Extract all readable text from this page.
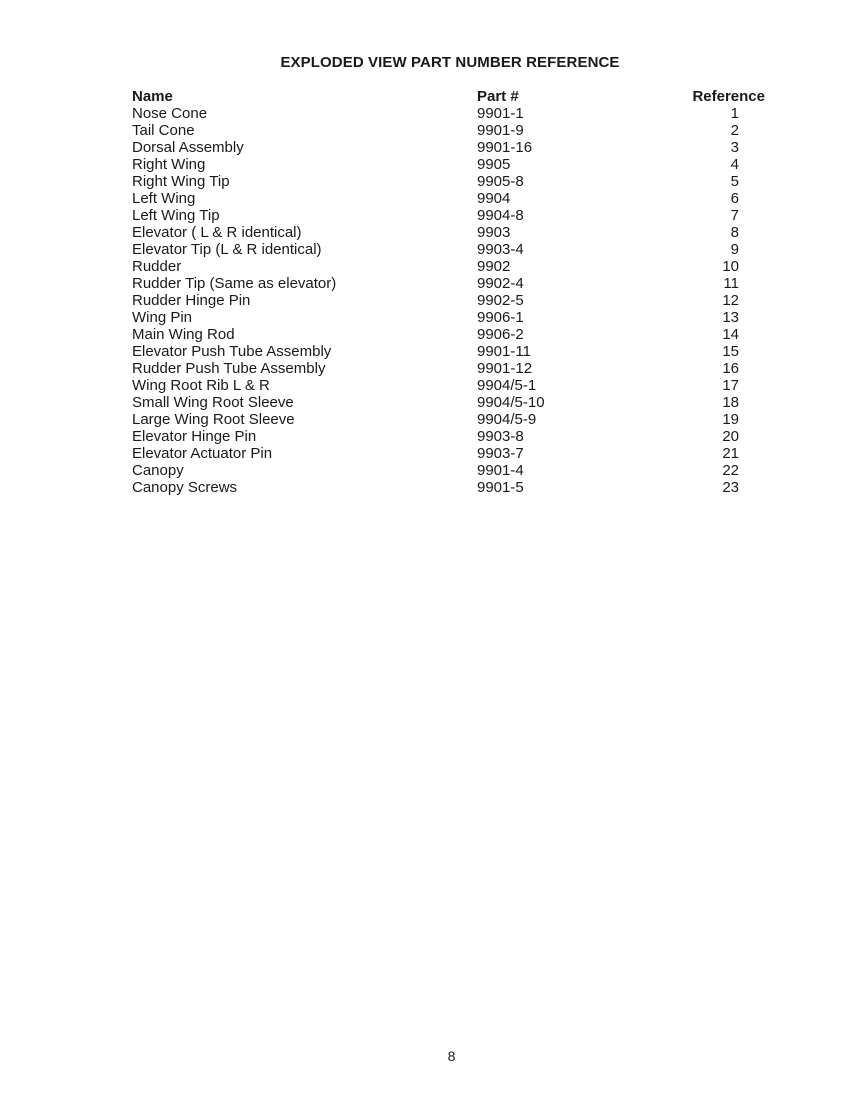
EXPLODED VIEW PART NUMBER REFERENCE
Name	Part #	Reference
Nose Cone	9901-1	1
Tail Cone	9901-9	2
Dorsal Assembly	9901-16	3
Right Wing	9905	4
Right Wing Tip	9905-8	5
Left Wing	9904	6
Left Wing Tip	9904-8	7
Elevator ( L & R identical)	9903	8
Elevator Tip (L & R identical)	9903-4	9
Rudder	9902	10
Rudder Tip (Same as elevator)	9902-4	11
Rudder Hinge Pin	9902-5	12
Wing Pin	9906-1	13
Main Wing Rod	9906-2	14
Elevator Push Tube Assembly	9901-11	15
Rudder Push Tube Assembly	9901-12	16
Wing Root Rib L & R	9904/5-1	17
Small Wing Root Sleeve	9904/5-10	18
Large Wing Root Sleeve	9904/5-9	19
Elevator Hinge Pin	9903-8	20
Elevator Actuator Pin	9903-7	21
Canopy	9901-4	22
Canopy Screws	9901-5	23
8
